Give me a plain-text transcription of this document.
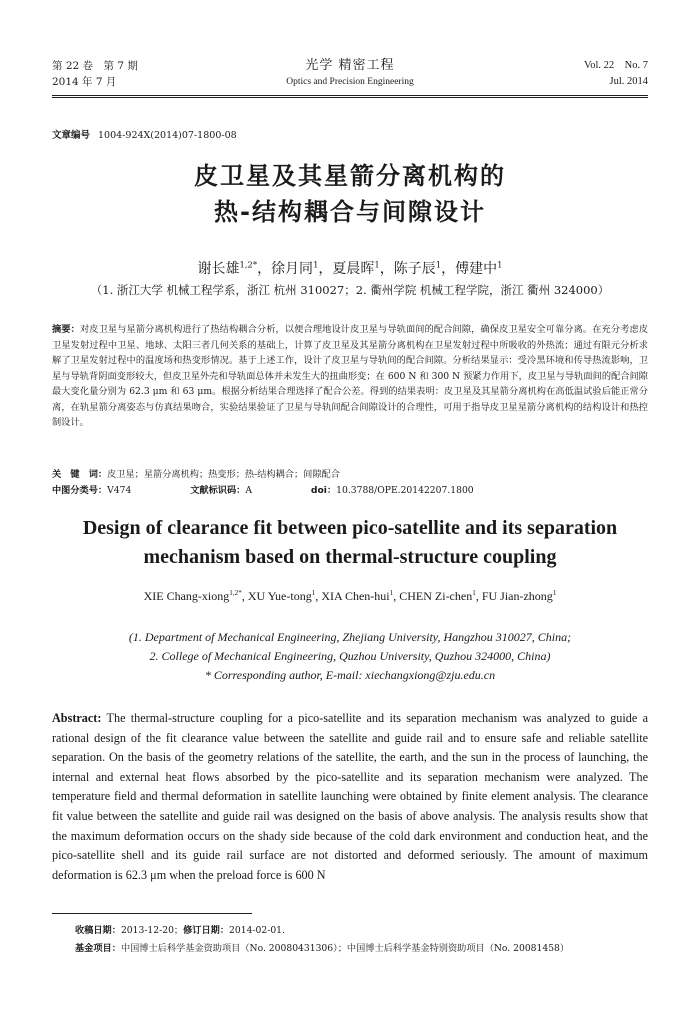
第 22 卷　第 7 期
2014 年 7 月
光学 精密工程
Optics and Precision Engineering
Vol. 22　No. 7
Jul. 2014
文章编号 1004-924X(2014)07-1800-08
皮卫星及其星箭分离机构的
热-结构耦合与间隙设计
谢长雄$^{1,2*}$，徐月同$^1$，夏晨晖$^1$，陈子辰$^1$，傅建中$^1$
（1. 浙江大学 机械工程学系，浙江 杭州 310027；2. 衢州学院 机械工程学院，浙江 衢州 324000）
摘要：对皮卫星与星箭分离机构进行了热结构耦合分析，以便合理地设计皮卫星与导轨面间的配合间隙，确保皮卫星安全可靠分离。在充分考虑皮卫星发射过程中卫星、地球、太阳三者几何关系的基础上，计算了皮卫星及其星箭分离机构在卫星发射过程中所吸收的外热流；通过有限元分析求解了卫星发射过程中的温度场和热变形情况。基于上述工作，设计了皮卫星与导轨间的配合间隙。分析结果显示：受冷黑环境和传导热流影响，卫星与导轨背阴面变形较大，但皮卫星外壳和导轨面总体并未发生大的扭曲形变；在 600 N 和 300 N 预紧力作用下，皮卫星与导轨面间的配合间隙最大变化量分别为 62.3 μm 和 63 μm。根据分析结果合理选择了配合公差。得到的结果表明：皮卫星及其星箭分离机构在高低温试验后能正常分离，在轨星箭分离姿态与仿真结果吻合，实验结果验证了卫星与导轨间配合间隙设计的合理性，可用于指导皮卫星星箭分离机构的结构设计和热控制设计。
关　键　词：皮卫星；星箭分离机构；热变形；热-结构耦合；间隙配合
中图分类号：V474	文献标识码：A	doi：10.3788/OPE.20142207.1800
Design of clearance fit between pico-satellite and its separation
mechanism based on thermal-structure coupling
XIE Chang-xiong$^{1,2*}$, XU Yue-tong$^1$, XIA Chen-hui$^1$, CHEN Zi-chen$^1$, FU Jian-zhong$^1$
(1. Department of Mechanical Engineering, Zhejiang University, Hangzhou 310027, China;
2. College of Mechanical Engineering, Quzhou University, Quzhou 324000, China)
* Corresponding author, E-mail: xiechangxiong@zju.edu.cn
Abstract: The thermal-structure coupling for a pico-satellite and its separation mechanism was analyzed to guide a rational design of the fit clearance value between the satellite and guide rail and to ensure safe and reliable satellite separation. On the basis of the geometry relations of the satellite, the earth, and the sun in the process of launching, the internal and external heat flows absorbed by the pico-satellite and its separation mechanism were analyzed. The temperature field and thermal deformation in satellite launching were obtained by finite element analysis. The clearance fit value between the satellite and guide rail was designed on the basis of above analysis. The analysis results show that the maximum deformation occurs on the shady side because of the cold dark environment and conduction heat, and the pico-satellite shell and its guide rail surface are not distorted and deformed seriously. The amount of maximum deformation is 62.3 μm when the preload force is 600 N
收稿日期：2013-12-20；修订日期：2014-02-01.
基金项目：中国博士后科学基金资助项目（No. 20080431306）；中国博士后科学基金特别资助项目（No. 20081458）
